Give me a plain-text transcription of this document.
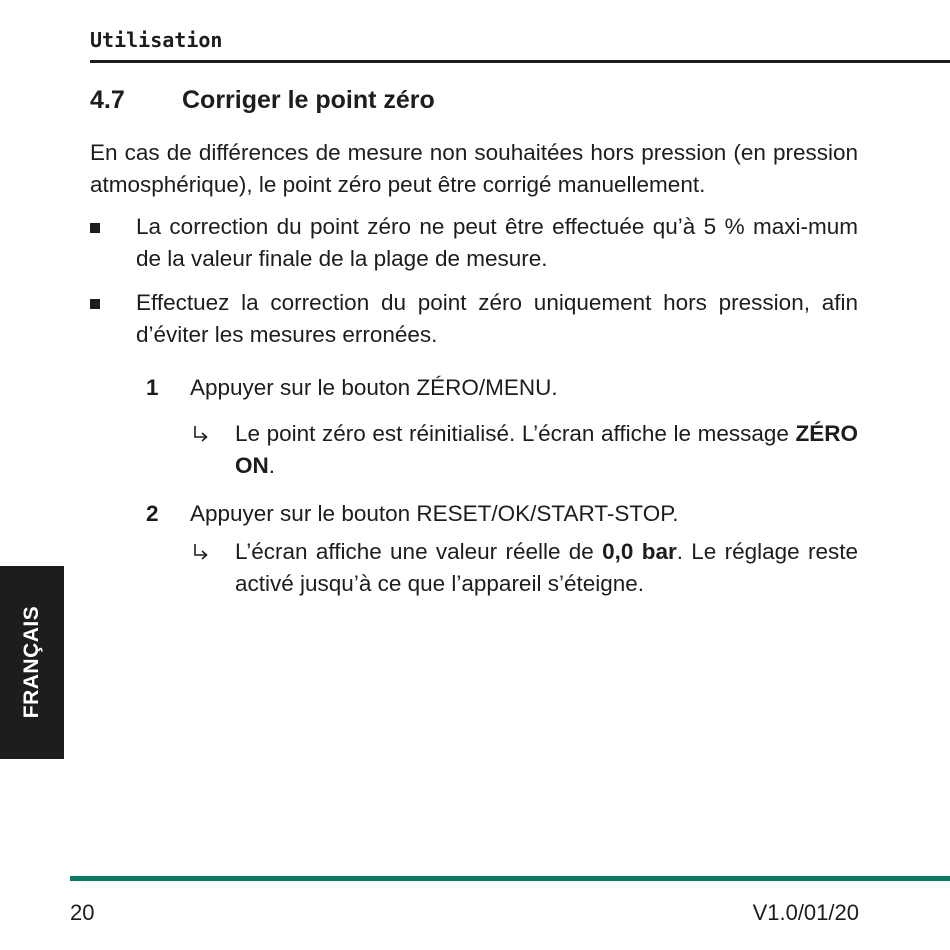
Utilisation
4.7 Corriger le point zéro

En cas de différences de mesure non souhaitées hors pression (en pression atmosphérique), le point zéro peut être corrigé manuellement.

La correction du point zéro ne peut être effectuée qu’à 5 % maxi-mum de la valeur finale de la plage de mesure.
Effectuez la correction du point zéro uniquement hors pression, afin d’éviter les mesures erronées.
1 Appuyer sur le bouton ZÉRO/MENU.
Le point zéro est réinitialisé. L’écran affiche le message ZÉRO ON.
2 Appuyer sur le bouton RESET/OK/START-STOP.
L’écran affiche une valeur réelle de 0,0 bar. Le réglage reste activé jusqu’à ce que l’appareil s’éteigne.
FRANÇAIS
20	V1.0/01/20
